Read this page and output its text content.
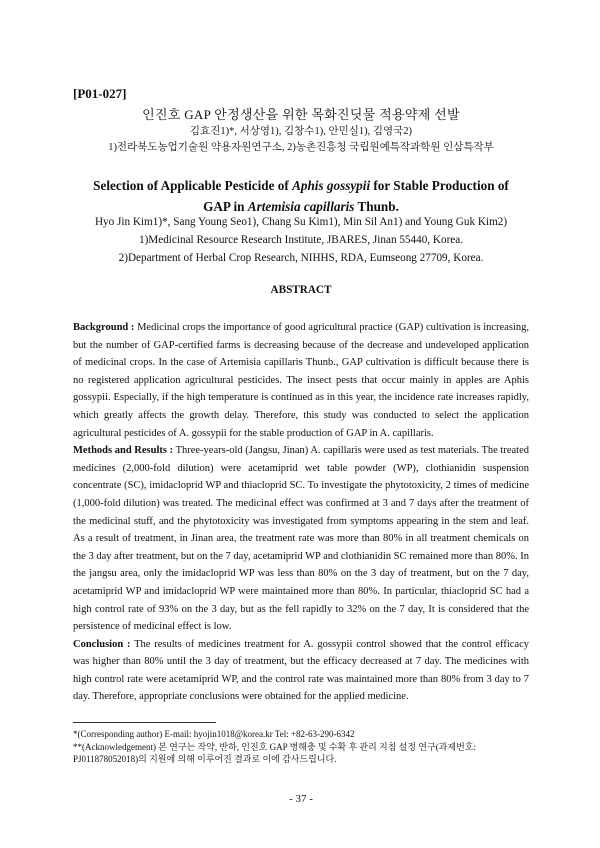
[P01-027]
인진호 GAP 안정생산을 위한 목화진딧물 적용약제 선발
김효진1)*, 서상영1), 김창수1), 안민실1), 김영국2)
1)전라북도농업기술원 약용자원연구소, 2)농촌진흥청 국립원예특작과학원 인삼특작부
Selection of Applicable Pesticide of Aphis gossypii for Stable Production of
GAP in Artemisia capillaris Thunb.
Hyo Jin Kim1)*, Sang Young Seo1), Chang Su Kim1), Min Sil An1) and Young Guk Kim2)
1)Medicinal Resource Research Institute, JBARES, Jinan 55440, Korea.
2)Department of Herbal Crop Research, NIHHS, RDA, Eumseong 27709, Korea.
ABSTRACT

Background : Medicinal crops the importance of good agricultural practice (GAP) cultivation is increasing, but the number of GAP-certified farms is decreasing because of the decrease and undeveloped application of medicinal crops. In the case of Artemisia capillaris Thunb., GAP cultivation is difficult because there is no registered application agricultural pesticides. The insect pests that occur mainly in apples are Aphis gossypii. Especially, if the high temperature is continued as in this year, the incidence rate increases rapidly, which greatly affects the growth delay. Therefore, this study was conducted to select the application agricultural pesticides of A. gossypii for the stable production of GAP in A. capillaris.

Methods and Results : Three-years-old (Jangsu, Jinan) A. capillaris were used as test materials. The treated medicines (2,000-fold dilution) were acetamiprid wet table powder (WP), clothianidin suspension concentrate (SC), imidacloprid WP and thiacloprid SC. To investigate the phytotoxicity, 2 times of medicine (1,000-fold dilution) was treated. The medicinal effect was confirmed at 3 and 7 days after the treatment of the medicinal stuff, and the phytotoxicity was investigated from symptoms appearing in the stem and leaf. As a result of treatment, in Jinan area, the treatment rate was more than 80% in all treatment chemicals on the 3 day after treatment, but on the 7 day, acetamiprid WP and clothianidin SC remained more than 80%. In the jangsu area, only the imidacloprid WP was less than 80% on the 3 day of treatment, but on the 7 day, acetamiprid WP and imidacloprid WP were maintained more than 80%. In particular, thiacloprid SC had a high control rate of 93% on the 3 day, but as the fell rapidly to 32% on the 7 day, It is considered that the persistence of medicinal effect is low.

Conclusion : The results of medicines treatment for A. gossypii control showed that the control efficacy was higher than 80% until the 3 day of treatment, but the efficacy decreased at 7 day. The medicines with high control rate were acetamiprid WP, and the control rate was maintained more than 80% from 3 day to 7 day. Therefore, appropriate conclusions were obtained for the applied medicine.

*(Corresponding author) E-mail: hyojin1018@korea.kr Tel: +82-63-290-6342
**(Acknowledgement) 본 연구는 작약, 반하, 인진호 GAP 병해충 및 수확 후 관리 지침 설정 연구(과제번호: PJ011878052018)의 지원에 의해 이루어진 결과로 이에 감사드립니다.
- 37 -
